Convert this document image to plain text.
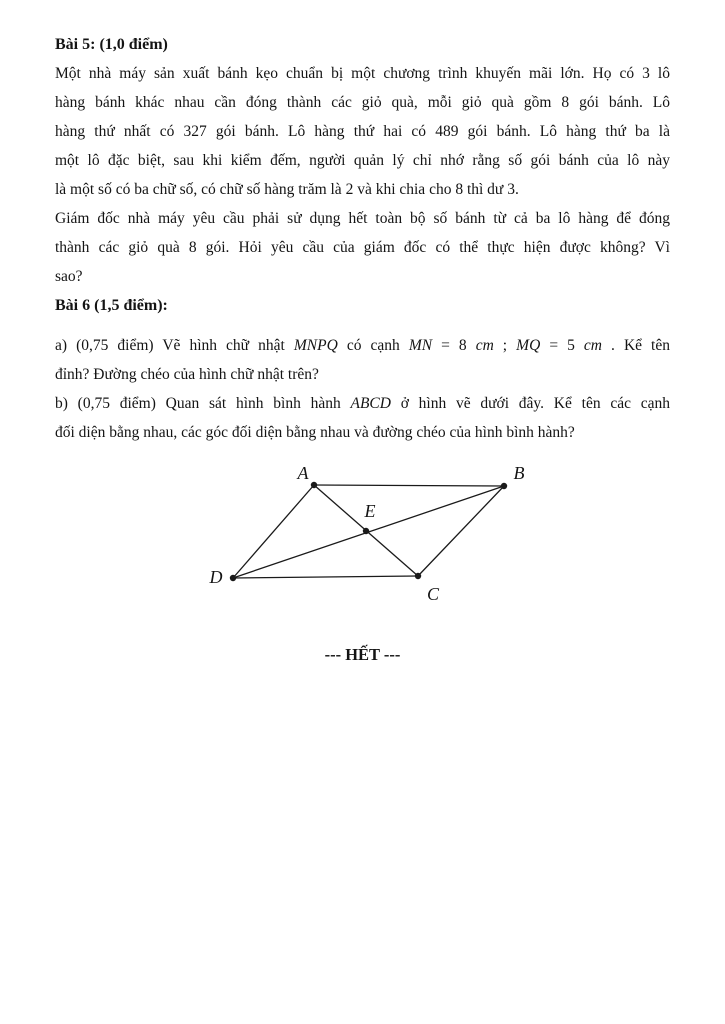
Bài 5: (1,0 điểm)
Một nhà máy sản xuất bánh kẹo chuẩn bị một chương trình khuyến mãi lớn. Họ có 3 lô
hàng bánh khác nhau cần đóng thành các giỏ quà, mỗi giỏ quà gồm 8 gói bánh. Lô
hàng thứ nhất có 327 gói bánh. Lô hàng thứ hai có 489 gói bánh. Lô hàng thứ ba là
một lô đặc biệt, sau khi kiểm đếm, người quản lý chỉ nhớ rằng số gói bánh của lô này
là một số có ba chữ số, có chữ số hàng trăm là 2 và khi chia cho 8 thì dư 3.
Giám đốc nhà máy yêu cầu phải sử dụng hết toàn bộ số bánh từ cả ba lô hàng để đóng
thành các giỏ quà 8 gói. Hỏi yêu cầu của giám đốc có thể thực hiện được không? Vì
sao?
Bài 6 (1,5 điểm):
a) (0,75 điểm) Vẽ hình chữ nhật MNPQ có cạnh MN = 8 cm ; MQ = 5 cm . Kể tên
đỉnh? Đường chéo của hình chữ nhật trên?
b) (0,75 điểm) Quan sát hình bình hành ABCD ở hình vẽ dưới đây. Kể tên các cạnh
đối diện bằng nhau, các góc đối diện bằng nhau và đường chéo của hình bình hành?
A	B
C
D
E
--- HẾT ---
